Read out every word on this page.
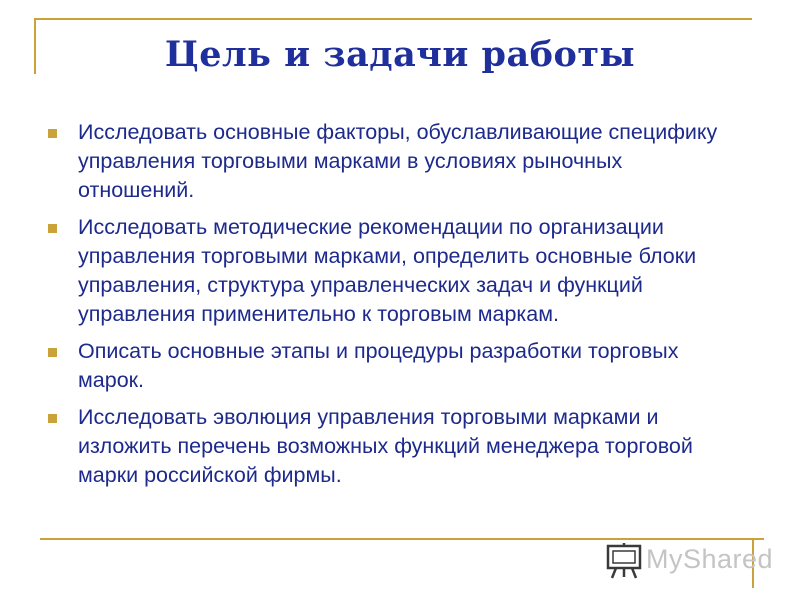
Цель и задачи работы
Исследовать основные факторы, обуславливающие специфику управления торговыми марками в условиях рыночных отношений.
Исследовать методические рекомендации по организации управления торговыми марками, определить основные блоки управления, структура управленческих задач и функций управления применительно к торговым маркам.
Описать основные этапы и процедуры разработки торговых марок.
Исследовать эволюция управления торговыми марками и изложить перечень возможных функций менеджера торговой марки российской фирмы.
MyShared
